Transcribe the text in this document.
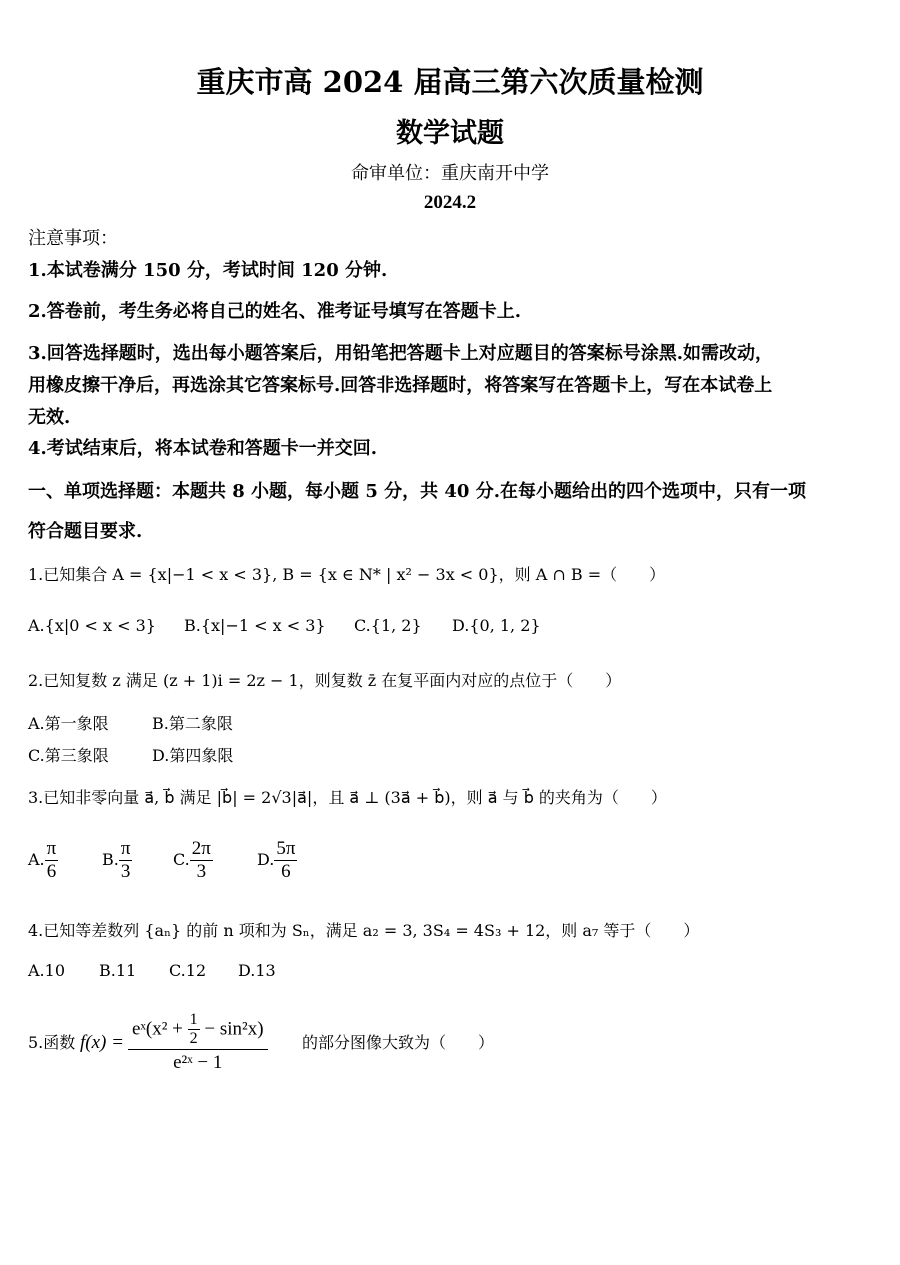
重庆市高 2024 届高三第六次质量检测
数学试题
命审单位：重庆南开中学
2024.2
注意事项：
1.本试卷满分 150 分，考试时间 120 分钟.
2.答卷前，考生务必将自己的姓名、准考证号填写在答题卡上.
3.回答选择题时，选出每小题答案后，用铅笔把答题卡上对应题目的答案标号涂黑.如需改动，
用橡皮擦干净后，再选涂其它答案标号.回答非选择题时，将答案写在答题卡上，写在本试卷上
无效.
4.考试结束后，将本试卷和答题卡一并交回.
一、单项选择题：本题共 8 小题，每小题 5 分，共 40 分.在每小题给出的四个选项中，只有一项
符合题目要求.
1.已知集合 A = {x|−1 < x < 3}, B = {x ∈ N* | x² − 3x < 0}，则 A ∩ B =（　　）
A.{x|0 < x < 3} B.{x|−1 < x < 3} C.{1, 2} D.{0, 1, 2}
2.已知复数 z 满足 (z + 1)i = 2z − 1，则复数 z̄ 在复平面内对应的点位于（　　）
A.第一象限	B.第二象限
C.第三象限	D.第四象限
3.已知非零向量 a⃗, b⃗ 满足 |b⃗| = 2√3|a⃗|，且 a⃗ ⊥ (3a⃗ + b⃗)，则 a⃗ 与 b⃗ 的夹角为（　　）
A. $\frac{\pi}{6}$	B. $\frac{\pi}{3}$	C. $\frac{2\pi}{3}$	D. $\frac{5\pi}{6}$
4.已知等差数列 {aₙ} 的前 n 项和为 Sₙ，满足 a₂ = 3, 3S₄ = 4S₃ + 12，则 a₇ 等于（　　）
A.10 B.11 C.12 D.13
5.函数 $f(x) = \frac{eˣ(x^2 + \frac{1}{2} - \sin^2x)}{\text{e²ˣ − 1}}$ 的部分图像大致为（　　）
